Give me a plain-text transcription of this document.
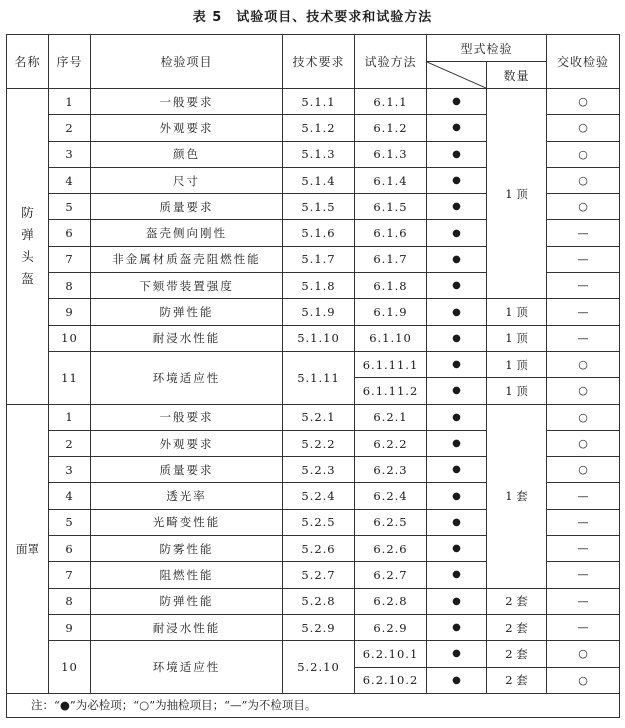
表 5　试验项目、技术要求和试验方法
名称	序号	检验项目	技术要求	试验方法	型式检验		交收检验

	数量	

防
弹
头
盔	1	一般要求	5.1.1	6.1.1	●	1 顶	○
	2	外观要求	5.1.2	6.1.2	●		○
	3	颜色	5.1.3	6.1.3	●		○
	4	尺寸	5.1.4	6.1.4	●		○
	5	质量要求	5.1.5	6.1.5	●		○
	6	盔壳侧向刚性	5.1.6	6.1.6	●		—
	7	非金属材质盔壳阻燃性能	5.1.7	6.1.7	●		—
	8	下颏带装置强度	5.1.8	6.1.8	●		—
	9	防弹性能	5.1.9	6.1.9	●	1 顶	—
	10	耐浸水性能	5.1.10	6.1.10	●	1 顶	—
	11	环境适应性	5.1.11	6.1.11.1	●	1 顶	○
				6.1.11.2	●	1 顶	○
面罩	1	一般要求	5.2.1	6.2.1	●	1 套	○
	2	外观要求	5.2.2	6.2.2	●		○
	3	质量要求	5.2.3	6.2.3	●		○
	4	透光率	5.2.4	6.2.4	●		—
	5	光畸变性能	5.2.5	6.2.5	●		—
	6	防雾性能	5.2.6	6.2.6	●		—
	7	阻燃性能	5.2.7	6.2.7	●		—
	8	防弹性能	5.2.8	6.2.8	●	2 套	—
	9	耐浸水性能	5.2.9	6.2.9	●	2 套	—
	10	环境适应性	5.2.10	6.2.10.1	●	2 套	○
				6.2.10.2	●	2 套	○
注：“●”为必检项；“○”为抽检项目；“—”为不检项目。							
